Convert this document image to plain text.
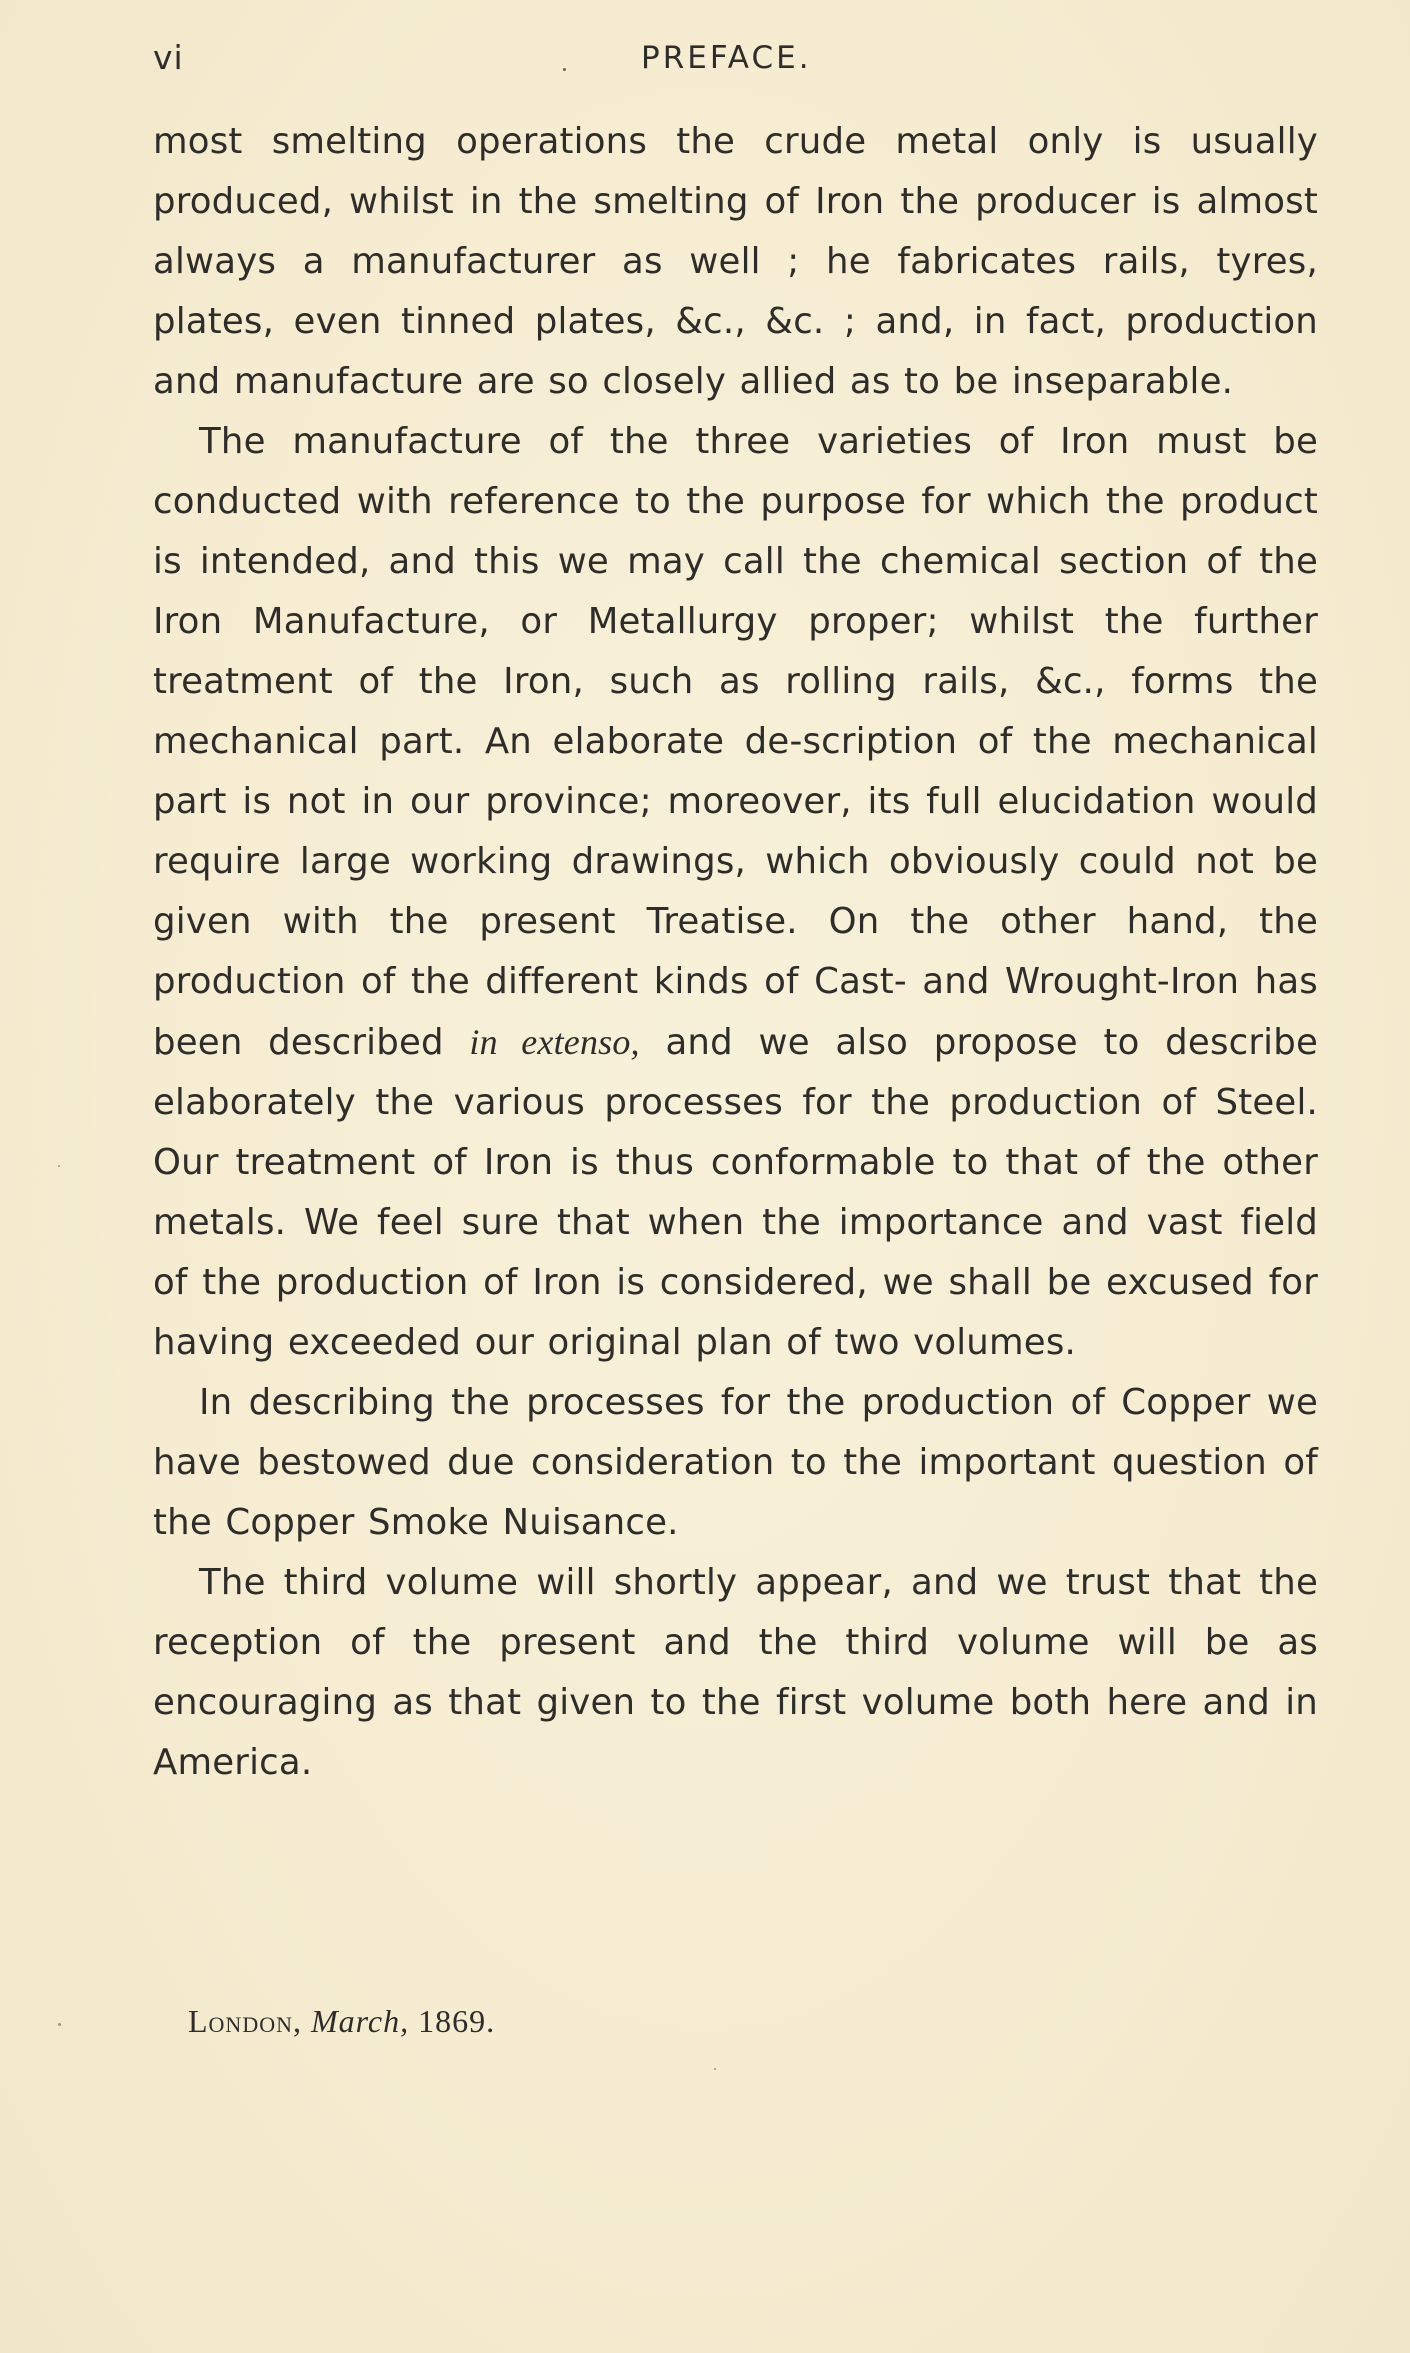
vi	PREFACE.

most smelting operations the crude metal only is usually produced, whilst in the smelting of Iron the producer is almost always a manufacturer as well ; he fabricates rails, tyres, plates, even tinned plates, &c., &c. ; and, in fact, production and manufacture are so closely allied as to be inseparable.

The manufacture of the three varieties of Iron must be conducted with reference to the purpose for which the product is intended, and this we may call the chemical section of the Iron Manufacture, or Metallurgy proper; whilst the further treatment of the Iron, such as rolling rails, &c., forms the mechanical part. An elaborate de-scription of the mechanical part is not in our province; moreover, its full elucidation would require large working drawings, which obviously could not be given with the present Treatise. On the other hand, the production of the different kinds of Cast- and Wrought-Iron has been described in extenso, and we also propose to describe elaborately the various processes for the production of Steel. Our treatment of Iron is thus conformable to that of the other metals. We feel sure that when the importance and vast field of the production of Iron is considered, we shall be excused for having exceeded our original plan of two volumes.

In describing the processes for the production of Copper we have bestowed due consideration to the important question of the Copper Smoke Nuisance.

The third volume will shortly appear, and we trust that the reception of the present and the third volume will be as encouraging as that given to the first volume both here and in America.

London, March, 1869.
